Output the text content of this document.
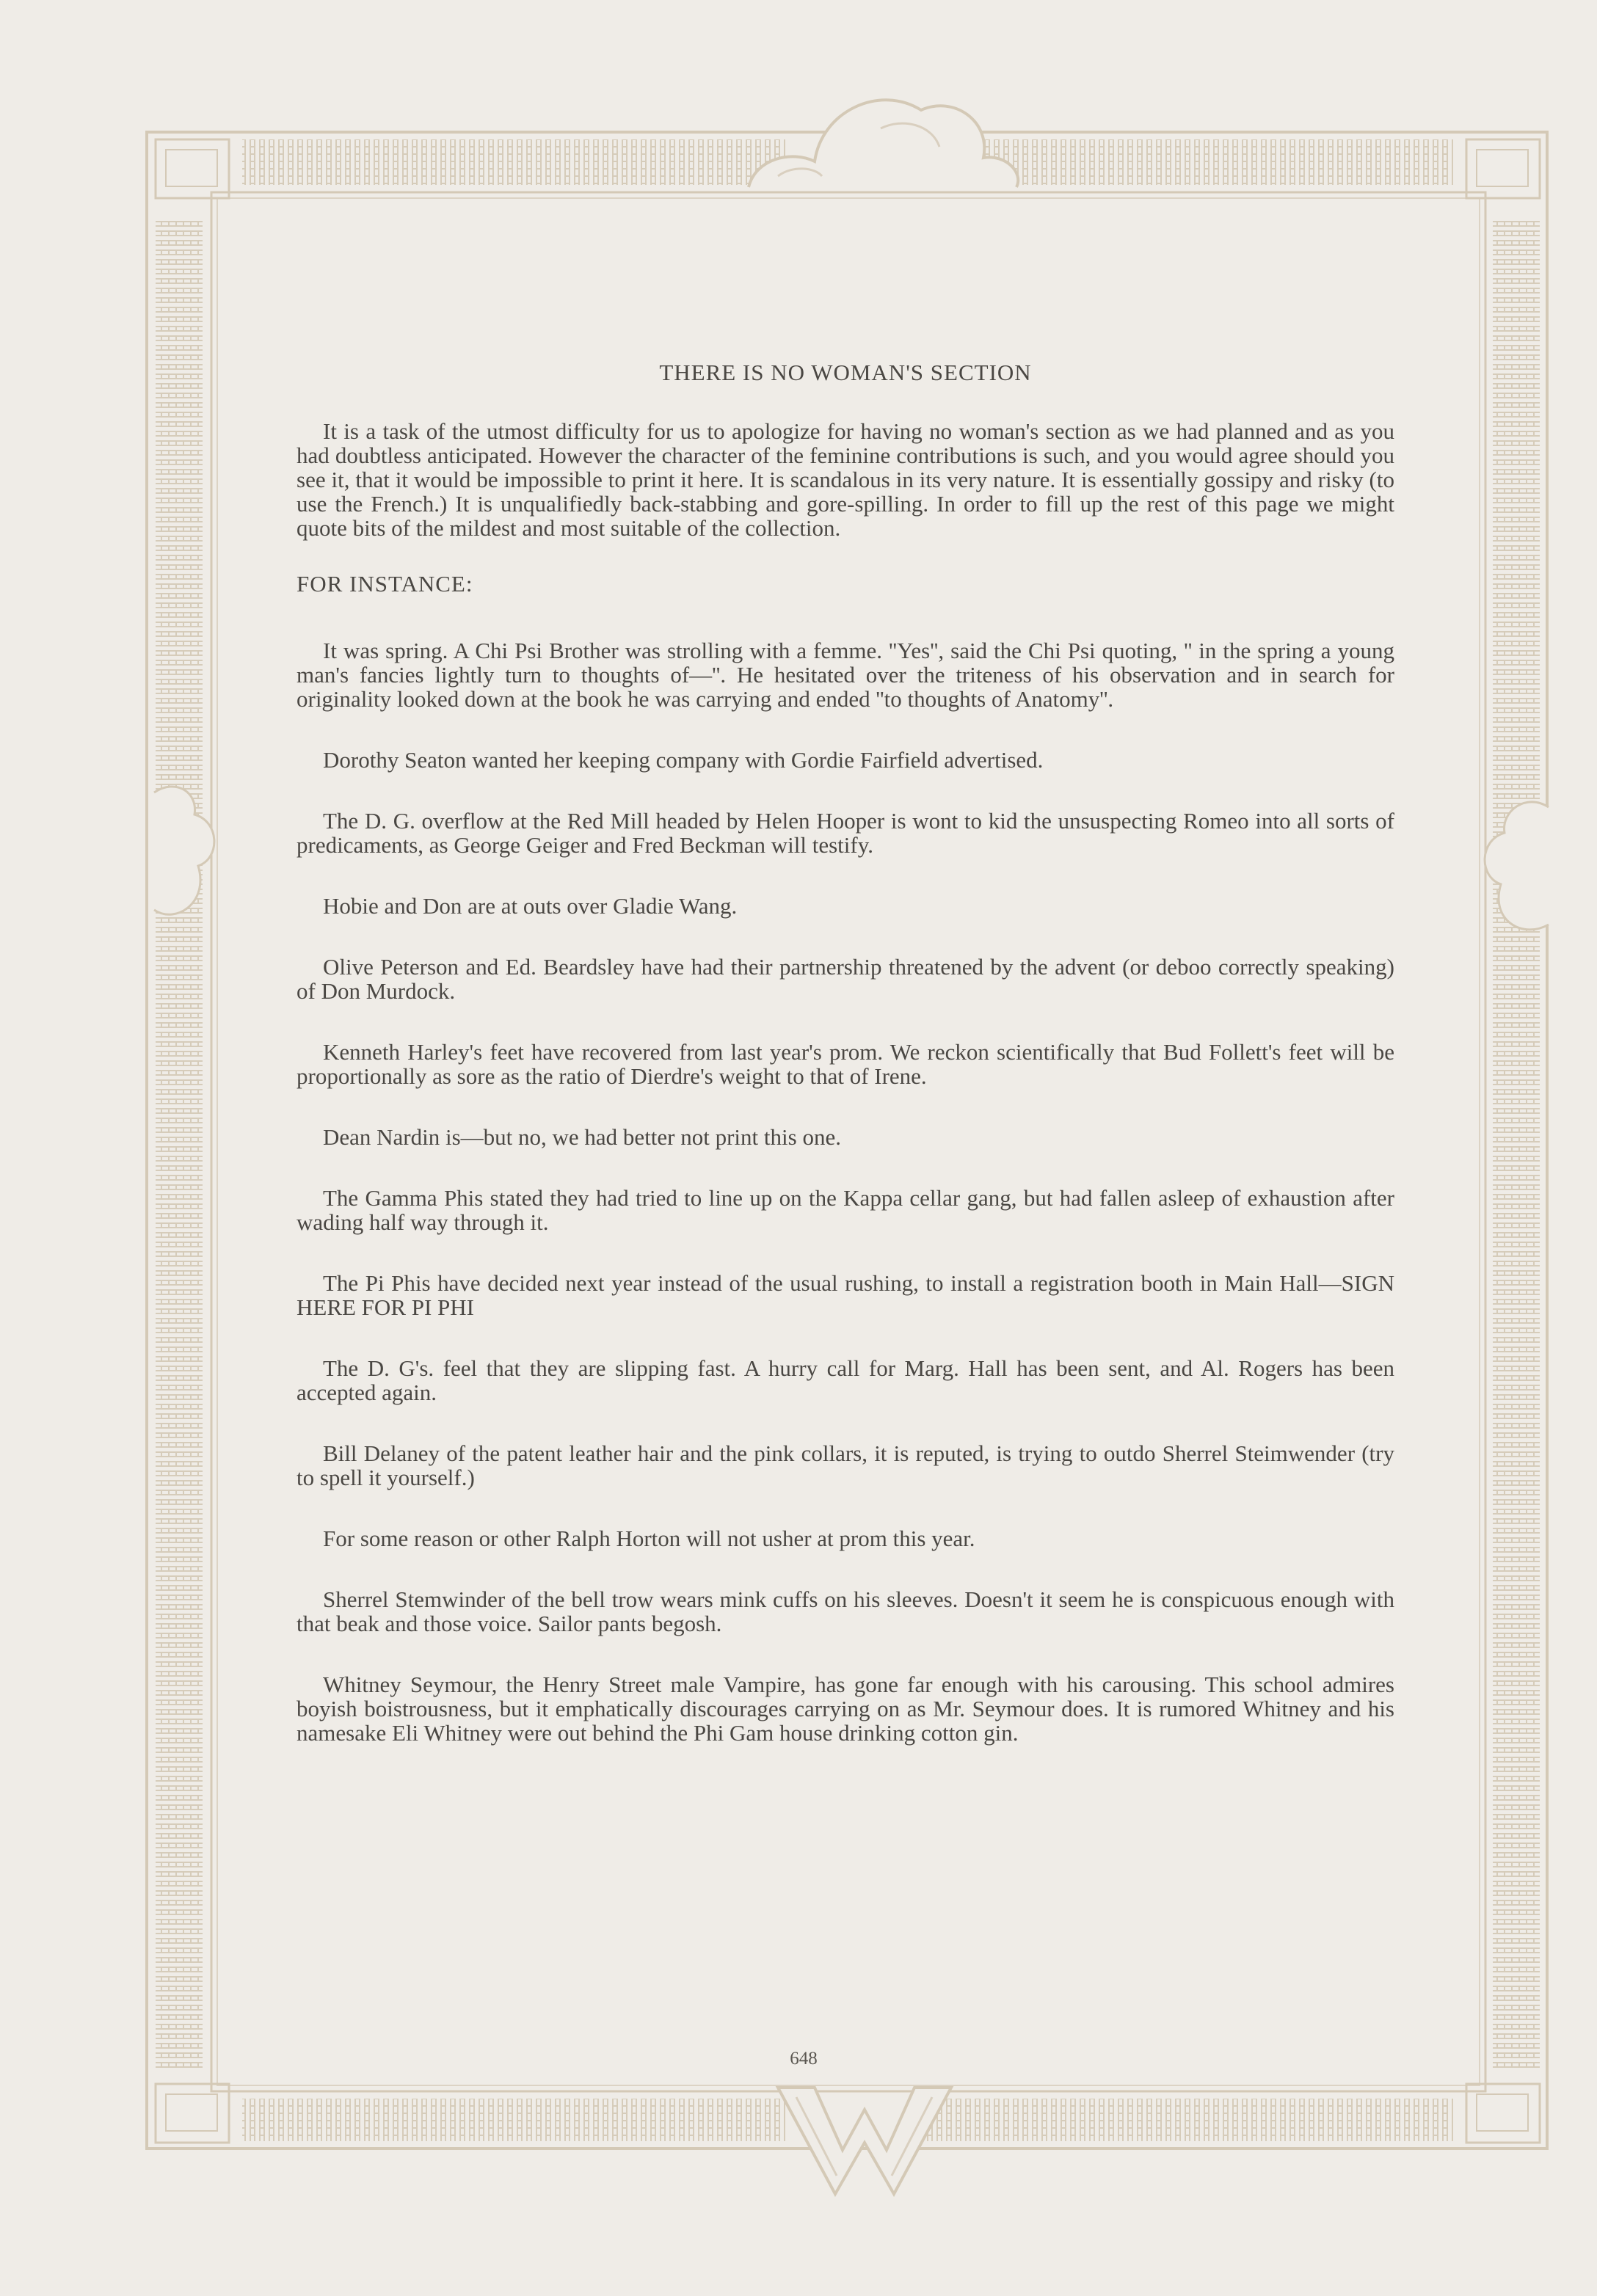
THERE IS NO WOMAN'S SECTION

It is a task of the utmost difficulty for us to apologize for having no woman's section as we had planned and as you had doubtless anticipated. However the character of the feminine contributions is such, and you would agree should you see it, that it would be impossible to print it here. It is scandalous in its very nature. It is essentially gossipy and risky (to use the French.) It is unqualifiedly back-stabbing and gore-spilling. In order to fill up the rest of this page we might quote bits of the mildest and most suitable of the collection.

FOR INSTANCE:

It was spring. A Chi Psi Brother was strolling with a femme. ''Yes'', said the Chi Psi quoting, '' in the spring a young man's fancies lightly turn to thoughts of—''. He hesitated over the triteness of his observation and in search for originality looked down at the book he was carrying and ended ''to thoughts of Anatomy''.

Dorothy Seaton wanted her keeping company with Gordie Fairfield advertised.

The D. G. overflow at the Red Mill headed by Helen Hooper is wont to kid the unsuspecting Romeo into all sorts of predicaments, as George Geiger and Fred Beckman will testify.

Hobie and Don are at outs over Gladie Wang.

Olive Peterson and Ed. Beardsley have had their partnership threatened by the advent (or deboo correctly speaking) of Don Murdock.

Kenneth Harley's feet have recovered from last year's prom. We reckon scientifically that Bud Follett's feet will be proportionally as sore as the ratio of Dierdre's weight to that of Irene.

Dean Nardin is—but no, we had better not print this one.

The Gamma Phis stated they had tried to line up on the Kappa cellar gang, but had fallen asleep of exhaustion after wading half way through it.

The Pi Phis have decided next year instead of the usual rushing, to install a registration booth in Main Hall—SIGN HERE FOR PI PHI

The D. G's. feel that they are slipping fast. A hurry call for Marg. Hall has been sent, and Al. Rogers has been accepted again.

Bill Delaney of the patent leather hair and the pink collars, it is reputed, is trying to outdo Sherrel Steimwender (try to spell it yourself.)

For some reason or other Ralph Horton will not usher at prom this year.

Sherrel Stemwinder of the bell trow wears mink cuffs on his sleeves. Doesn't it seem he is conspicuous enough with that beak and those voice. Sailor pants begosh.

Whitney Seymour, the Henry Street male Vampire, has gone far enough with his carousing. This school admires boyish boistrousness, but it emphatically discourages carrying on as Mr. Seymour does. It is rumored Whitney and his namesake Eli Whitney were out behind the Phi Gam house drinking cotton gin.

648
